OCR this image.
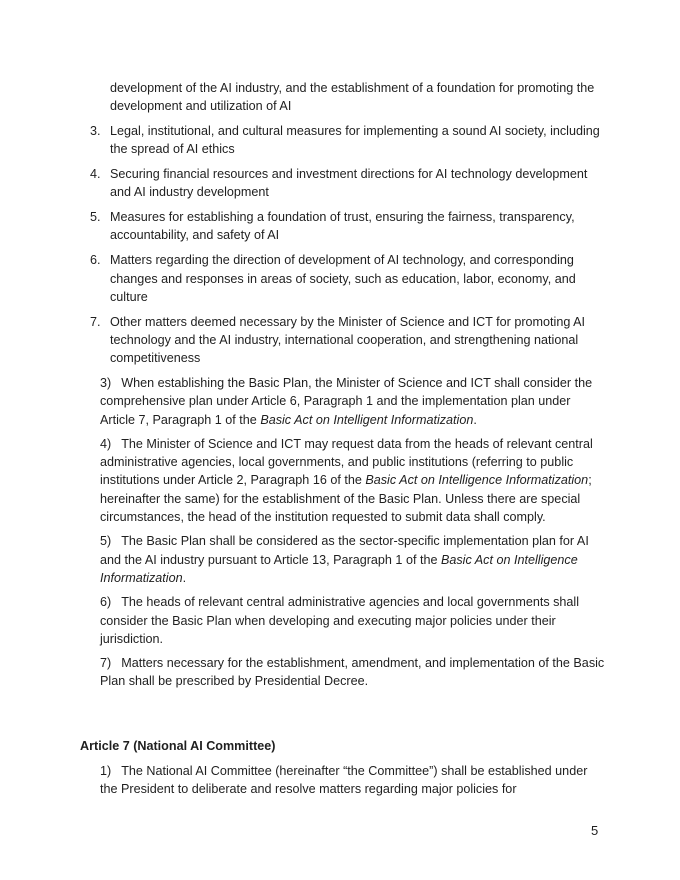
development of the AI industry, and the establishment of a foundation for promoting the development and utilization of AI
3. Legal, institutional, and cultural measures for implementing a sound AI society, including the spread of AI ethics
4. Securing financial resources and investment directions for AI technology development and AI industry development
5. Measures for establishing a foundation of trust, ensuring the fairness, transparency, accountability, and safety of AI
6. Matters regarding the direction of development of AI technology, and corresponding changes and responses in areas of society, such as education, labor, economy, and culture
7. Other matters deemed necessary by the Minister of Science and ICT for promoting AI technology and the AI industry, international cooperation, and strengthening national competitiveness

3) When establishing the Basic Plan, the Minister of Science and ICT shall consider the comprehensive plan under Article 6, Paragraph 1 and the implementation plan under Article 7, Paragraph 1 of the Basic Act on Intelligent Informatization.

4) The Minister of Science and ICT may request data from the heads of relevant central administrative agencies, local governments, and public institutions (referring to public institutions under Article 2, Paragraph 16 of the Basic Act on Intelligence Informatization; hereinafter the same) for the establishment of the Basic Plan. Unless there are special circumstances, the head of the institution requested to submit data shall comply.

5) The Basic Plan shall be considered as the sector-specific implementation plan for AI and the AI industry pursuant to Article 13, Paragraph 1 of the Basic Act on Intelligence Informatization.

6) The heads of relevant central administrative agencies and local governments shall consider the Basic Plan when developing and executing major policies under their jurisdiction.

7) Matters necessary for the establishment, amendment, and implementation of the Basic Plan shall be prescribed by Presidential Decree.

Article 7 (National AI Committee)

1) The National AI Committee (hereinafter “the Committee”) shall be established under the President to deliberate and resolve matters regarding major policies for

5
